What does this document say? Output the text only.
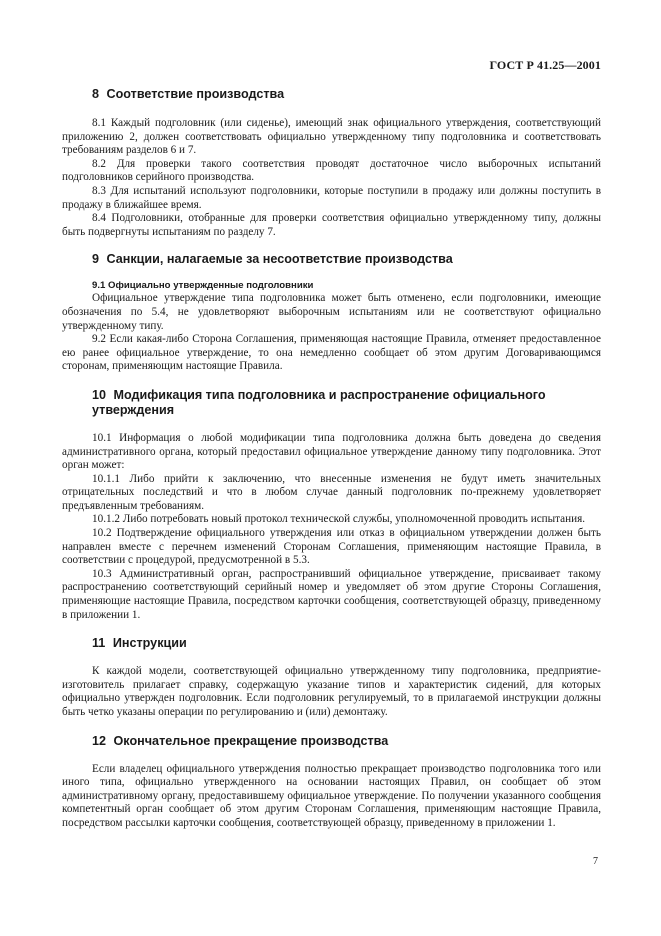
ГОСТ Р 41.25—2001
8 Соответствие производства

8.1 Каждый подголовник (или сиденье), имеющий знак официального утверждения, соответствующий приложению 2, должен соответствовать официально утвержденному типу подголовника и соответствовать требованиям разделов 6 и 7.

8.2 Для проверки такого соответствия проводят достаточное число выборочных испытаний подголовников серийного производства.

8.3 Для испытаний используют подголовники, которые поступили в продажу или должны поступить в продажу в ближайшее время.

8.4 Подголовники, отобранные для проверки соответствия официально утвержденному типу, должны быть подвергнуты испытаниям по разделу 7.

9 Санкции, налагаемые за несоответствие производства
9.1 Официально утвержденные подголовники

Официальное утверждение типа подголовника может быть отменено, если подголовники, имеющие обозначения по 5.4, не удовлетворяют выборочным испытаниям или не соответствуют официально утвержденному типу.

9.2 Если какая-либо Сторона Соглашения, применяющая настоящие Правила, отменяет предоставленное ею ранее официальное утверждение, то она немедленно сообщает об этом другим Договаривающимся сторонам, применяющим настоящие Правила.

10 Модификация типа подголовника и распространение официального утверждения

10.1 Информация о любой модификации типа подголовника должна быть доведена до сведения административного органа, который предоставил официальное утверждение данному типу подголовника. Этот орган может:

10.1.1 Либо прийти к заключению, что внесенные изменения не будут иметь значительных отрицательных последствий и что в любом случае данный подголовник по-прежнему удовлетворяет предъявленным требованиям.

10.1.2 Либо потребовать новый протокол технической службы, уполномоченной проводить испытания.

10.2 Подтверждение официального утверждения или отказ в официальном утверждении должен быть направлен вместе с перечнем изменений Сторонам Соглашения, применяющим настоящие Правила, в соответствии с процедурой, предусмотренной в 5.3.

10.3 Административный орган, распространивший официальное утверждение, присваивает такому распространению соответствующий серийный номер и уведомляет об этом другие Стороны Соглашения, применяющие настоящие Правила, посредством карточки сообщения, соответствующей образцу, приведенному в приложении 1.

11 Инструкции

К каждой модели, соответствующей официально утвержденному типу подголовника, предприятие-изготовитель прилагает справку, содержащую указание типов и характеристик сидений, для которых официально утвержден подголовник. Если подголовник регулируемый, то в прилагаемой инструкции должны быть четко указаны операции по регулированию и (или) демонтажу.

12 Окончательное прекращение производства

Если владелец официального утверждения полностью прекращает производство подголовника того или иного типа, официально утвержденного на основании настоящих Правил, он сообщает об этом административному органу, предоставившему официальное утверждение. По получении указанного сообщения компетентный орган сообщает об этом другим Сторонам Соглашения, применяющим настоящие Правила, посредством рассылки карточки сообщения, соответствующей образцу, приведенному в приложении 1.

7
